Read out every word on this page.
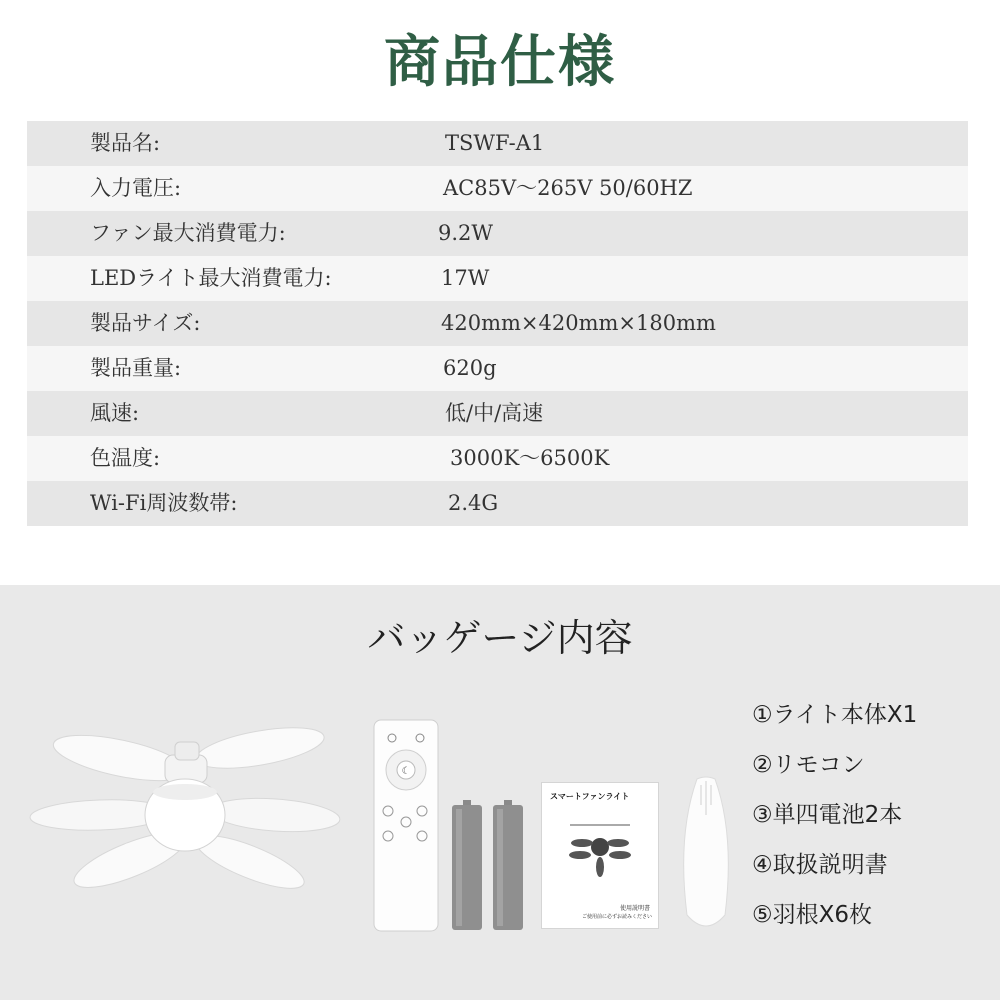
商品仕様
製品名:	TSWF-A1
入力電圧:	AC85V～265V 50/60HZ
ファン最大消費電力:	9.2W
LEDライト最大消費電力:	17W
製品サイズ:	420mm×420mm×180mm
製品重量:	620g
風速:	低/中/高速
色温度:	3000K～6500K
Wi-Fi周波数帯:	2.4G
バッゲージ内容
☾
スマートファンライト
使用説明書
ご使用前に必ずお読みください
①ライト本体X1
②リモコン
③単四電池2本
④取扱説明書
⑤羽根X6枚
